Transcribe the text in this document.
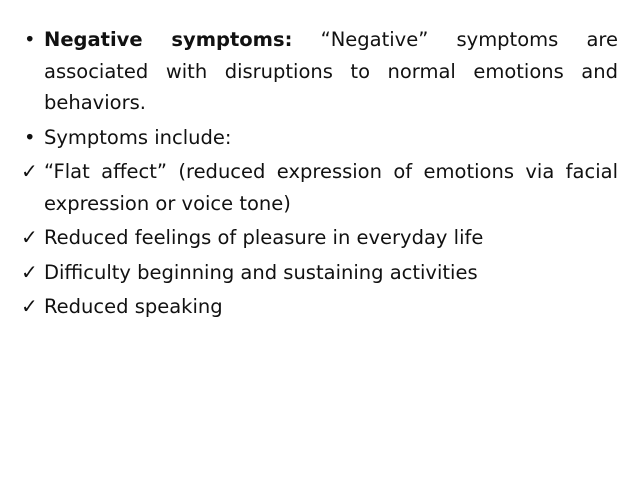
• Negative symptoms: “Negative” symptoms are associated with disruptions to normal emotions and behaviors.

• Symptoms include:

✓ “Flat affect” (reduced expression of emotions via facial expression or voice tone)

✓ Reduced feelings of pleasure in everyday life

✓ Difficulty beginning and sustaining activities

✓ Reduced speaking
